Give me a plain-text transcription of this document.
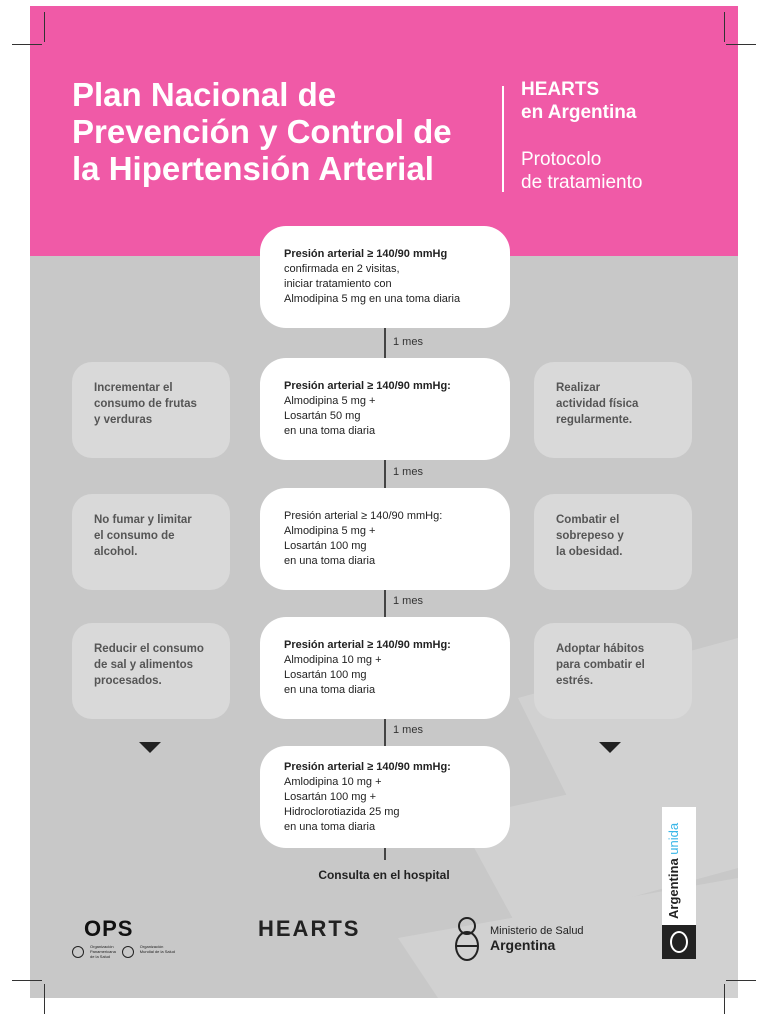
Plan Nacional de
Prevención y Control de
la Hipertensión Arterial
HEARTS
en Argentina
Protocolo
de tratamiento
1 mes
1 mes
1 mes
1 mes
Presión arterial ≥ 140/90 mmHg
confirmada en 2 visitas,
iniciar tratamiento con
Almodipina 5 mg en una toma diaria
Presión arterial ≥ 140/90 mmHg:
Almodipina 5 mg +
Losartán 50 mg
en una toma diaria
Presión arterial ≥ 140/90 mmHg:
Almodipina 5 mg +
Losartán 100 mg
en una toma diaria
Presión arterial ≥ 140/90 mmHg:
Almodipina 10 mg +
Losartán 100 mg
en una toma diaria
Presión arterial ≥ 140/90 mmHg:
Amlodipina 10 mg +
Losartán 100 mg +
Hidroclorotiazida 25 mg
en una toma diaria
Consulta en el hospital
Incrementar el
consumo de frutas
y verduras
No fumar y limitar
el consumo de
alcohol.
Reducir el consumo
de sal y alimentos
procesados.
Realizar
actividad física
regularmente.
Combatir el
sobrepeso y
la obesidad.
Adoptar hábitos
para combatir el
estrés.
OPS
Organización
Panamericana
de la Salud
Organización
Mundial de la Salud
HEARTS	Ministerio de Salud
Argentina
Argentina unida
